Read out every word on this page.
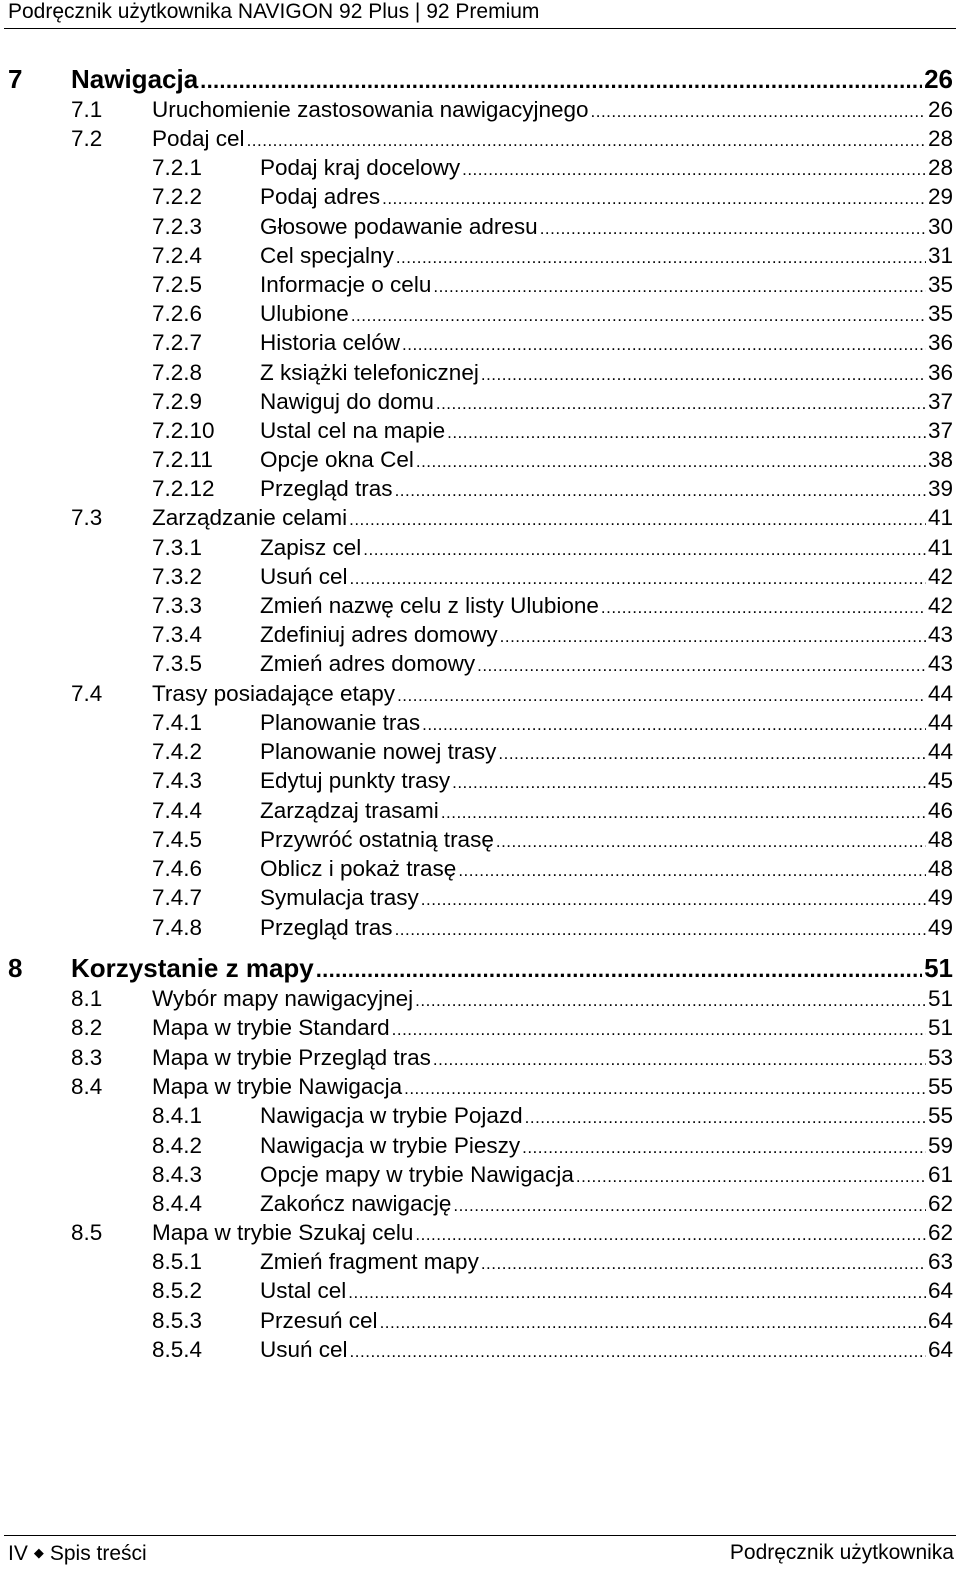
Podręcznik użytkownika NAVIGON 92 Plus | 92 Premium
7 Nawigacja .....	26
7.1 Uruchomienie zastosowania nawigacyjnego .....	26
7.2 Podaj cel .....	28
7.2.1	Podaj kraj docelowy .....	28
7.2.2	Podaj adres .....	29
7.2.3	Głosowe podawanie adresu .....	30
7.2.4	Cel specjalny .....	31
7.2.5	Informacje o celu .....	35
7.2.6	Ulubione .....	35
7.2.7	Historia celów .....	36
7.2.8	Z książki telefonicznej .....	36
7.2.9	Nawiguj do domu .....	37
7.2.10 Ustal cel na mapie .....	37
7.2.11 Opcje okna Cel .....	38
7.2.12 Przegląd tras .....	39
7.3 Zarządzanie celami .....	41
7.3.1	Zapisz cel .....	41
7.3.2	Usuń cel .....	42
7.3.3	Zmień nazwę celu z listy Ulubione .....	42
7.3.4	Zdefiniuj adres domowy .....	43
7.3.5	Zmień adres domowy .....	43
7.4 Trasy posiadające etapy .....	44
7.4.1	Planowanie tras .....	44
7.4.2	Planowanie nowej trasy .....	44
7.4.3	Edytuj punkty trasy .....	45
7.4.4	Zarządzaj trasami .....	46
7.4.5	Przywróć ostatnią trasę .....	48
7.4.6	Oblicz i pokaż trasę .....	48
7.4.7	Symulacja trasy .....	49
7.4.8	Przegląd tras .....	49
8 Korzystanie z mapy .....	51
8.1 Wybór mapy nawigacyjnej .....	51
8.2 Mapa w trybie Standard .....	51
8.3 Mapa w trybie Przegląd tras .....	53
8.4 Mapa w trybie Nawigacja .....	55
8.4.1	Nawigacja w trybie Pojazd .....	55
8.4.2	Nawigacja w trybie Pieszy .....	59
8.4.3	Opcje mapy w trybie Nawigacja .....	61
8.4.4	Zakończ nawigację .....	62
8.5 Mapa w trybie Szukaj celu .....	62
8.5.1	Zmień fragment mapy .....	63
8.5.2	Ustal cel .....	64
8.5.3	Przesuń cel .....	64
8.5.4	Usuń cel .....	64
IV ◆ Spis treści	Podręcznik użytkownika
